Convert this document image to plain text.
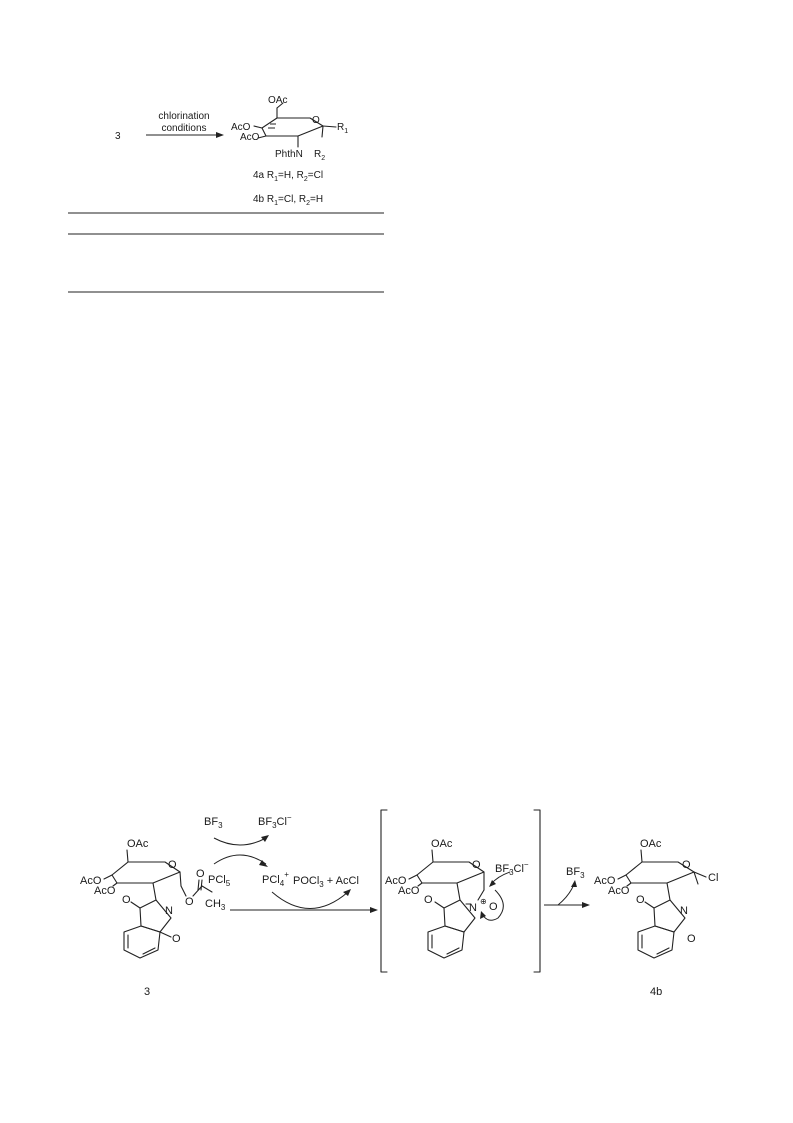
3
chlorination
conditions
OAc
AcO
AcO
O
PhthN
$R_1$
$R_2$
4a $R_1=H$, $R_2=Cl$
4b $R_1=Cl$, $R_2=H$
OAc
AcO
AcO
O
O
N
O
O
O
$CH_3$
3
$BF_3$	$BF_3Cl^-$
PCl$_5$	PCl$_4$+
POCl$_3$ + AcCl
OAc
AcO
AcO
O
O
N
⊕ O
$BF_3Cl^-$
$BF_3$
OAc
AcO
AcO
O
Cl
O
N
O
4b
